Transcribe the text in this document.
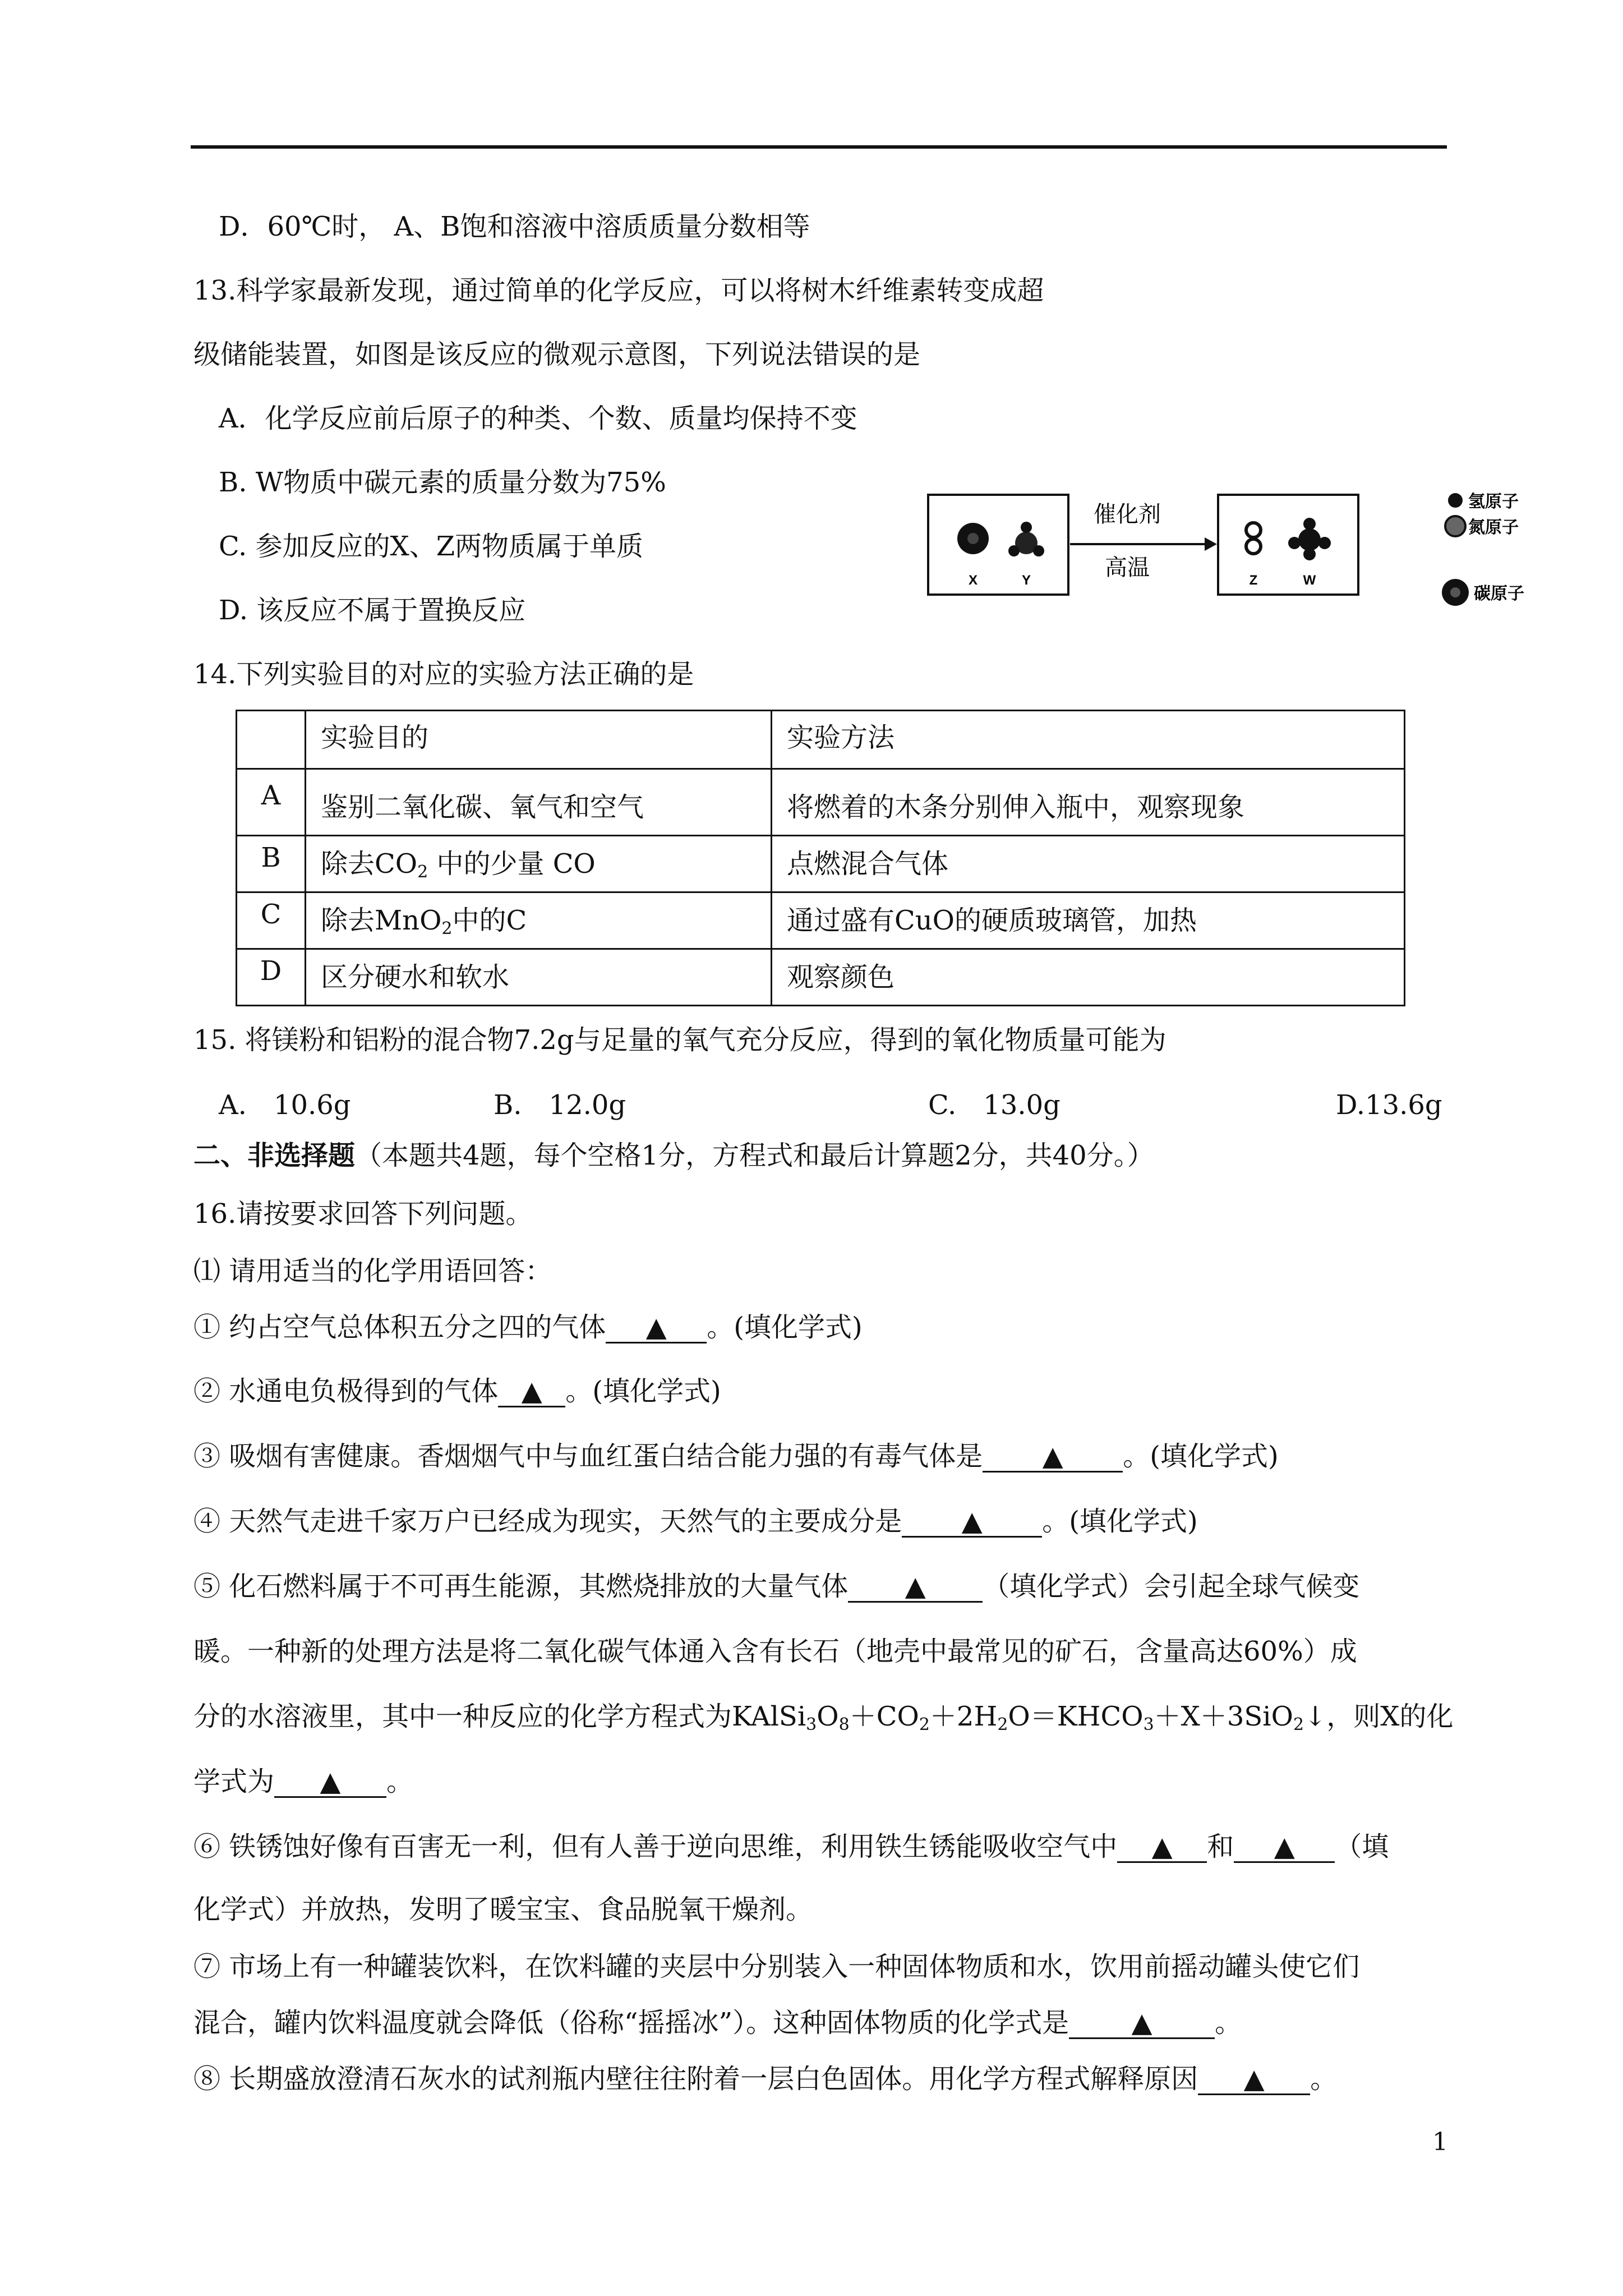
D．60℃时， A、B饱和溶液中溶质质量分数相等
13.科学家最新发现，通过简单的化学反应，可以将树木纤维素转变成超
级储能装置，如图是该反应的微观示意图，下列说法错误的是
A．化学反应前后原子的种类、个数、质量均保持不变
B. W物质中碳元素的质量分数为75%
C. 参加反应的X、Z两物质属于单质
D. 该反应不属于置换反应
X	Y
催化剂
高温
Z	W
氢原子
氮原子
碳原子
14.下列实验目的对应的实验方法正确的是
	实验目的	实验方法
A	鉴别二氧化碳、氧气和空气	将燃着的木条分别伸入瓶中，观察现象
B	除去$CO_2$ 中的少量 CO	点燃混合气体
C	除去MnO$_2$中的C	通过盛有CuO的硬质玻璃管，加热
D	区分硬水和软水	观察颜色
15. 将镁粉和铝粉的混合物7.2g与足量的氧气充分反应，得到的氧化物质量可能为
A.　10.6g	B.　12.0g	C.　13.0g	D.13.6g
二、非选择题（本题共4题，每个空格1分，方程式和最后计算题2分，共40分。）
16.请按要求回答下列问题。
⑴ 请用适当的化学用语回答：
① 约占空气总体积五分之四的气体 ▲ 。(填化学式)
② 水通电负极得到的气体 ▲ 。(填化学式)
③ 吸烟有害健康。香烟烟气中与血红蛋白结合能力强的有毒气体是 ▲ 。(填化学式)
④ 天然气走进千家万户已经成为现实，天然气的主要成分是 ▲ 。(填化学式)
⑤ 化石燃料属于不可再生能源，其燃烧排放的大量气体 ▲ （填化学式）会引起全球气候变
暖。一种新的处理方法是将二氧化碳气体通入含有长石（地壳中最常见的矿石，含量高达60%）成
分的水溶液里，其中一种反应的化学方程式为$KAlSi_3O_8+CO_2+2H_2O=KHCO_3+X+3SiO_2↓$，则X的化
学式为 ▲ 。
⑥ 铁锈蚀好像有百害无一利，但有人善于逆向思维，利用铁生锈能吸收空气中 ▲ 和 ▲ （填
化学式）并放热，发明了暖宝宝、食品脱氧干燥剂。
⑦ 市场上有一种罐装饮料，在饮料罐的夹层中分别装入一种固体物质和水，饮用前摇动罐头使它们
混合，罐内饮料温度就会降低（俗称“摇摇冰”）。这种固体物质的化学式是 ▲ 。
⑧ 长期盛放澄清石灰水的试剂瓶内壁往往附着一层白色固体。用化学方程式解释原因 ▲ 。
1
